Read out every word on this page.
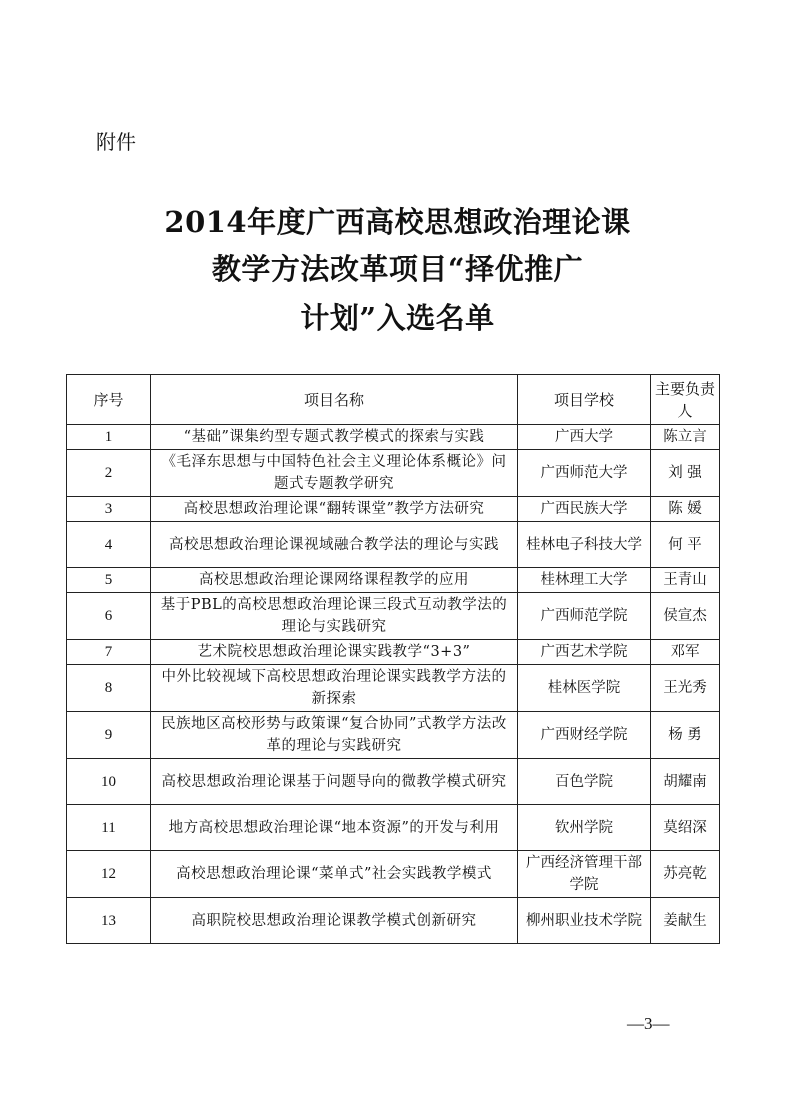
附件
2014年度广西高校思想政治理论课
教学方法改革项目“择优推广
计划”入选名单
序号	项目名称	项目学校	主要负责人
1	“基础”课集约型专题式教学模式的探索与实践	广西大学	陈立言
2	《毛泽东思想与中国特色社会主义理论体系概论》问题式专题教学研究	广西师范大学	刘 强
3	高校思想政治理论课“翻转课堂”教学方法研究	广西民族大学	陈 媛
4	高校思想政治理论课视域融合教学法的理论与实践	桂林电子科技大学	何 平
5	高校思想政治理论课网络课程教学的应用	桂林理工大学	王青山
6	基于PBL的高校思想政治理论课三段式互动教学法的理论与实践研究	广西师范学院	侯宣杰
7	艺术院校思想政治理论课实践教学“3+3”	广西艺术学院	邓军
8	中外比较视域下高校思想政治理论课实践教学方法的新探索	桂林医学院	王光秀
9	民族地区高校形势与政策课“复合协同”式教学方法改革的理论与实践研究	广西财经学院	杨 勇
10	高校思想政治理论课基于问题导向的微教学模式研究	百色学院	胡耀南
11	地方高校思想政治理论课“地本资源”的开发与利用	钦州学院	莫绍深
12	高校思想政治理论课“菜单式”社会实践教学模式	广西经济管理干部学院	苏亮乾
13	高职院校思想政治理论课教学模式创新研究	柳州职业技术学院	姜献生
—3—
